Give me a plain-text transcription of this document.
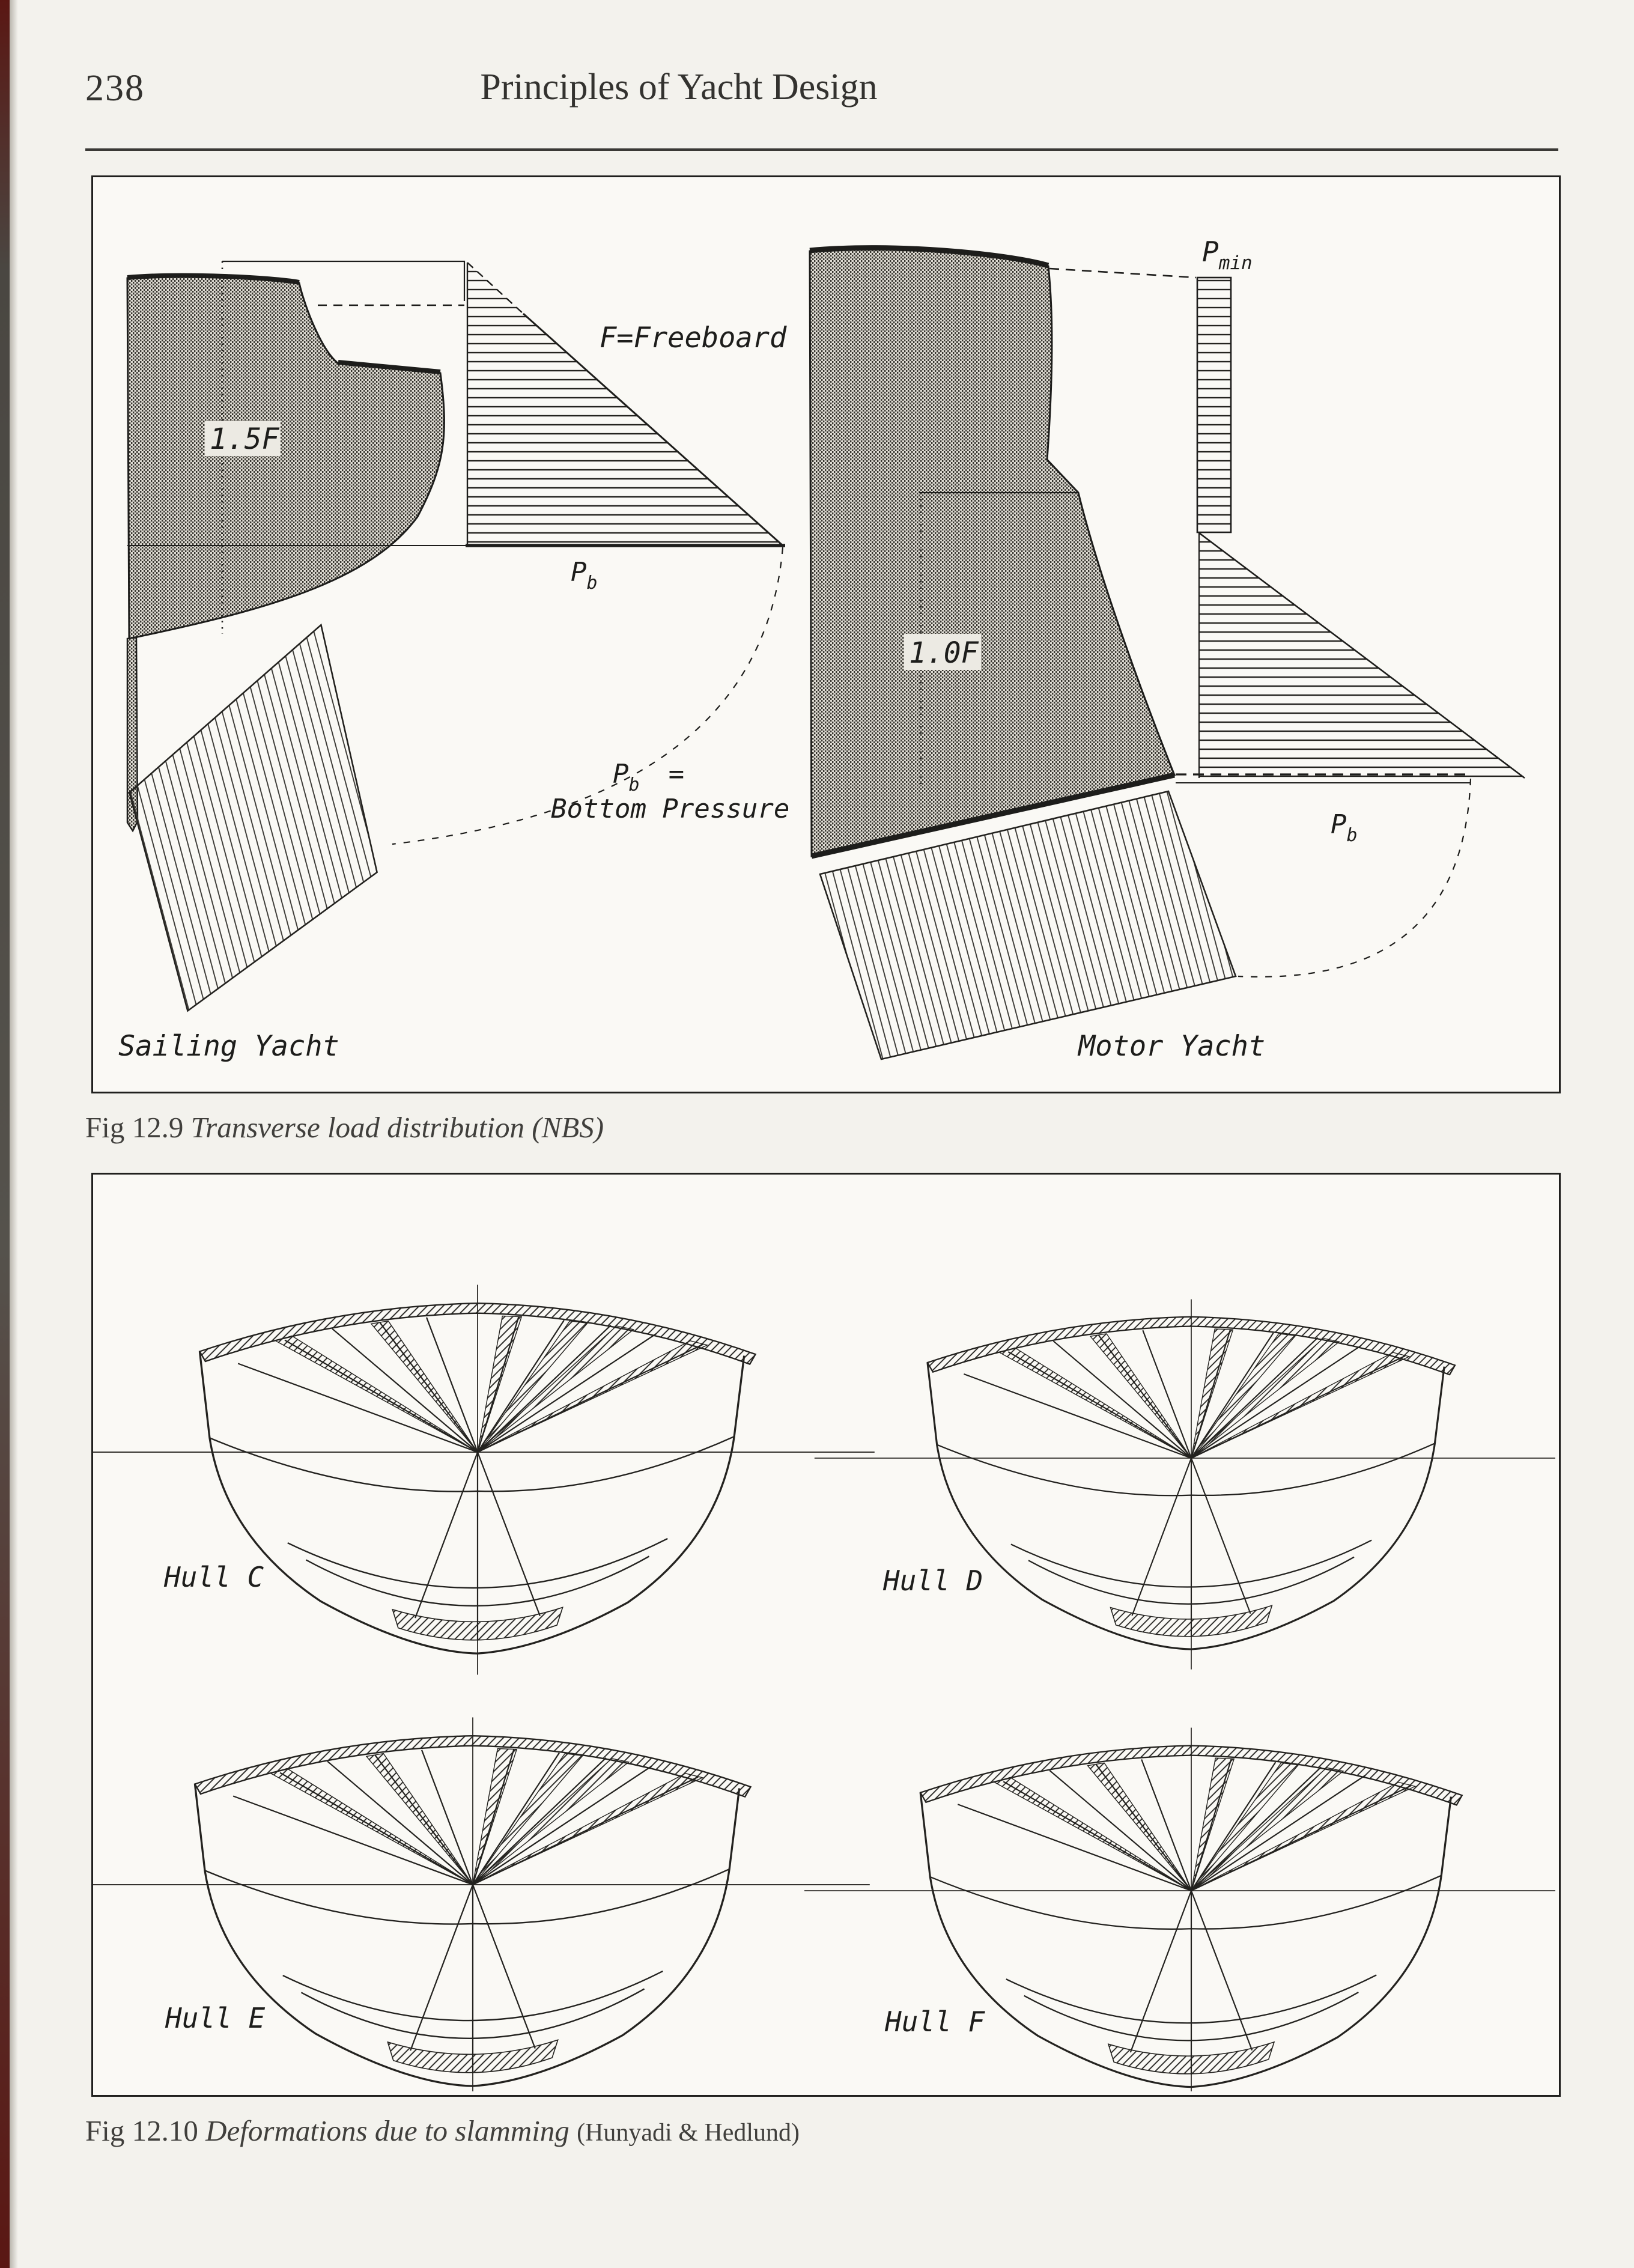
238	Principles of Yacht Design
1.5F
F=Freeboard
$P_b$
$P_b$ =
Bottom Pressure
Sailing Yacht
1.0F
$P_{min}$
$P_b$
Motor Yacht
Fig 12.9 Transverse load distribution (NBS)
Hull C	Hull D
Hull E	Hull F
Fig 12.10 Deformations due to slamming (Hunyadi & Hedlund)
